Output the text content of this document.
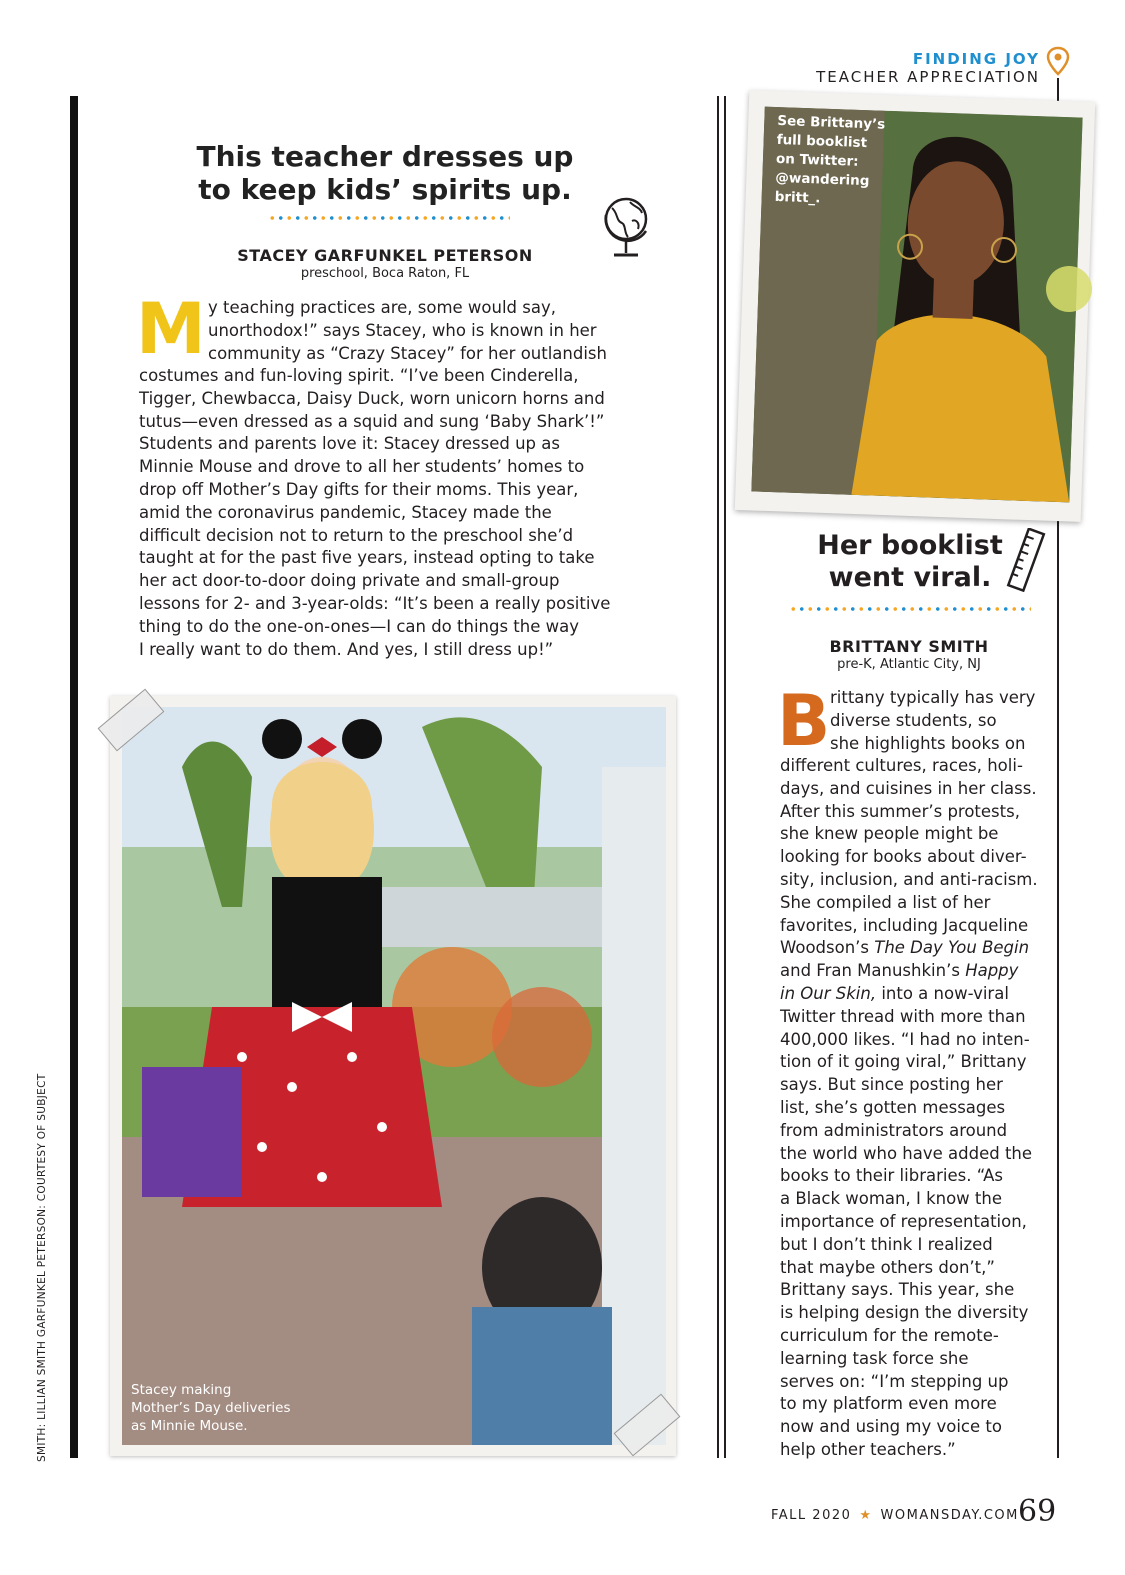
FINDING JOY
TEACHER APPRECIATION
This teacher dresses up
to keep kids’ spirits up.
STACEY GARFUNKEL PETERSON
preschool, Boca Raton, FL
M y teaching practices are, some would say,
unorthodox!” says Stacey, who is known in her
community as “Crazy Stacey” for her outlandish
costumes and fun-loving spirit. “I’ve been Cinderella,
Tigger, Chewbacca, Daisy Duck, worn unicorn horns and
tutus—even dressed as a squid and sung ‘Baby Shark’!”
Students and parents love it: Stacey dressed up as
Minnie Mouse and drove to all her students’ homes to
drop off Mother’s Day gifts for their moms. This year,
amid the coronavirus pandemic, Stacey made the
difficult decision not to return to the preschool she’d
taught at for the past five years, instead opting to take
her act door-to-door doing private and small-group
lessons for 2- and 3-year-olds: “It’s been a really positive
thing to do the one-on-ones—I can do things the way
I really want to do them. And yes, I still dress up!”
Stacey making
Mother’s Day deliveries
as Minnie Mouse.
SMITH: LILLIAN SMITH GARFUNKEL PETERSON: COURTESY OF SUBJECT
See Brittany’s
full booklist
on Twitter:
@wandering
britt_.
Her booklist
went viral.
BRITTANY SMITH
pre-K, Atlantic City, NJ
B rittany typically has very
diverse students, so
she highlights books on
different cultures, races, holi-
days, and cuisines in her class.
After this summer’s protests,
she knew people might be
looking for books about diver-
sity, inclusion, and anti-racism.
She compiled a list of her
favorites, including Jacqueline
Woodson’s The Day You Begin
and Fran Manushkin’s Happy
in Our Skin, into a now-viral
Twitter thread with more than
400,000 likes. “I had no inten-
tion of it going viral,” Brittany
says. But since posting her
list, she’s gotten messages
from administrators around
the world who have added the
books to their libraries. “As
a Black woman, I know the
importance of representation,
but I don’t think I realized
that maybe others don’t,”
Brittany says. This year, she
is helping design the diversity
curriculum for the remote-
learning task force she
serves on: “I’m stepping up
to my platform even more
now and using my voice to
help other teachers.”
FALL 2020 ★ WOMANSDAY.COM 69
